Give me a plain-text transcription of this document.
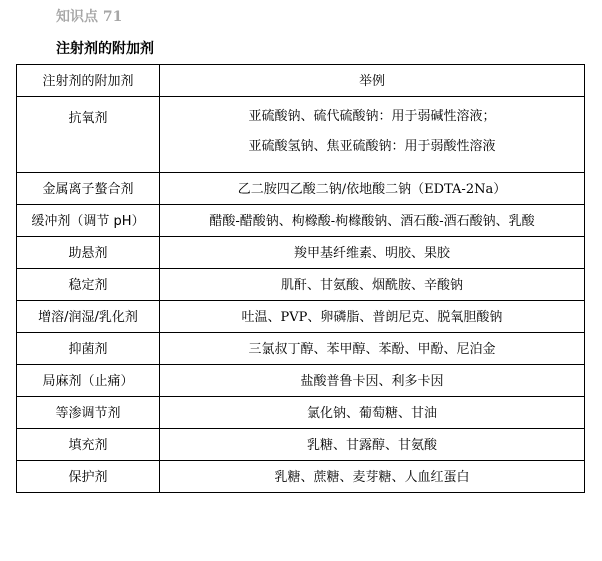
知识点 71
注射剂的附加剂
注射剂的附加剂	举例
抗氧剂	亚硫酸钠、硫代硫酸钠：用于弱碱性溶液；
亚硫酸氢钠、焦亚硫酸钠：用于弱酸性溶液

金属离子螯合剂	乙二胺四乙酸二钠/依地酸二钠（EDTA-2Na）
缓冲剂（调节 pH）	醋酸-醋酸钠、枸橼酸-枸橼酸钠、酒石酸-酒石酸钠、乳酸
助悬剂	羧甲基纤维素、明胶、果胶
稳定剂	肌酐、甘氨酸、烟酰胺、辛酸钠
增溶/润湿/乳化剂	吐温、PVP、卵磷脂、普朗尼克、脱氧胆酸钠
抑菌剂	三氯叔丁醇、苯甲醇、苯酚、甲酚、尼泊金
局麻剂（止痛）	盐酸普鲁卡因、利多卡因
等渗调节剂	氯化钠、葡萄糖、甘油
填充剂	乳糖、甘露醇、甘氨酸
保护剂	乳糖、蔗糖、麦芽糖、人血红蛋白
